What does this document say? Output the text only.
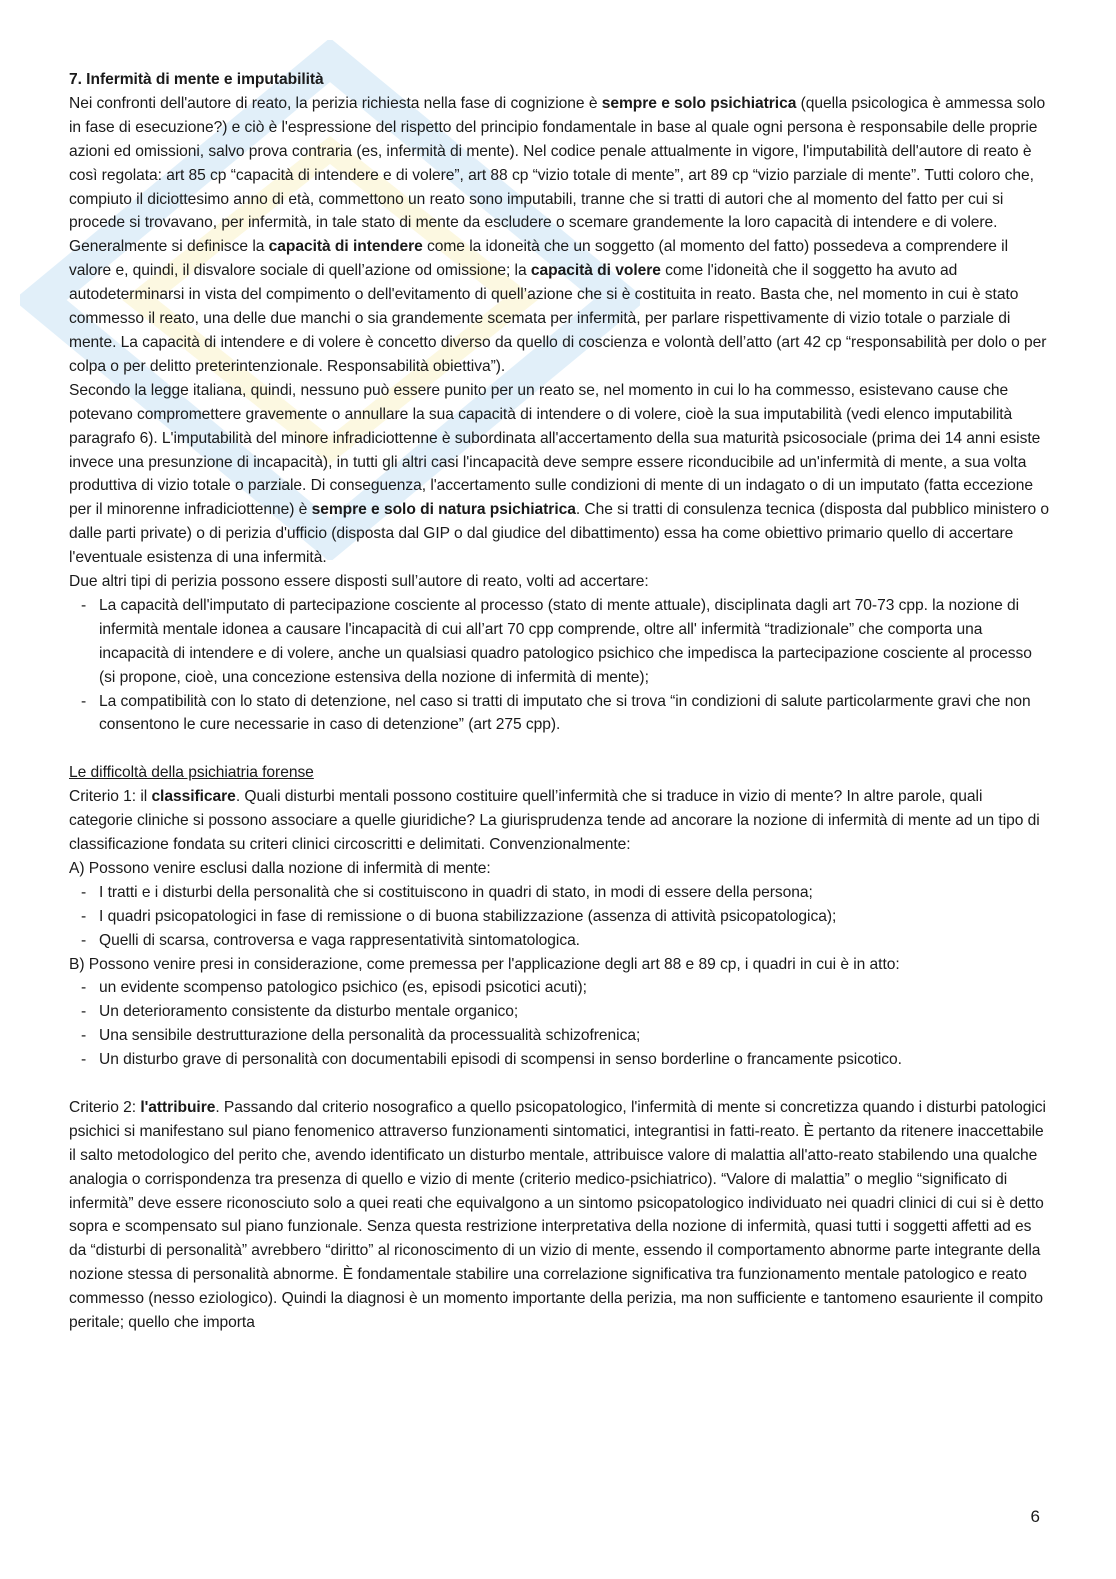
7. Infermità di mente e imputabilità

Nei confronti dell'autore di reato, la perizia richiesta nella fase di cognizione è sempre e solo psichiatrica (quella psicologica è ammessa solo in fase di esecuzione?) e ciò è l'espressione del rispetto del principio fondamentale in base al quale ogni persona è responsabile delle proprie azioni ed omissioni, salvo prova contraria (es, infermità di mente). Nel codice penale attualmente in vigore, l'imputabilità dell'autore di reato è così regolata: art 85 cp “capacità di intendere e di volere”, art 88 cp “vizio totale di mente”, art 89 cp “vizio parziale di mente”. Tutti coloro che, compiuto il diciottesimo anno di età, commettono un reato sono imputabili, tranne che si tratti di autori che al momento del fatto per cui si procede si trovavano, per infermità, in tale stato di mente da escludere o scemare grandemente la loro capacità di intendere e di volere. Generalmente si definisce la capacità di intendere come la idoneità che un soggetto (al momento del fatto) possedeva a comprendere il valore e, quindi, il disvalore sociale di quell’azione od omissione; la capacità di volere come l'idoneità che il soggetto ha avuto ad autodeterminarsi in vista del compimento o dell'evitamento di quell’azione che si è costituita in reato. Basta che, nel momento in cui è stato commesso il reato, una delle due manchi o sia grandemente scemata per infermità, per parlare rispettivamente di vizio totale o parziale di mente. La capacità di intendere e di volere è concetto diverso da quello di coscienza e volontà dell’atto (art 42 cp “responsabilità per dolo o per colpa o per delitto preterintenzionale. Responsabilità obiettiva”).

Secondo la legge italiana, quindi, nessuno può essere punito per un reato se, nel momento in cui lo ha commesso, esistevano cause che potevano compromettere gravemente o annullare la sua capacità di intendere o di volere, cioè la sua imputabilità (vedi elenco imputabilità paragrafo 6). L'imputabilità del minore infradiciottenne è subordinata all'accertamento della sua maturità psicosociale (prima dei 14 anni esiste invece una presunzione di incapacità), in tutti gli altri casi l'incapacità deve sempre essere riconducibile ad un'infermità di mente, a sua volta produttiva di vizio totale o parziale. Di conseguenza, l'accertamento sulle condizioni di mente di un indagato o di un imputato (fatta eccezione per il minorenne infradiciottenne) è sempre e solo di natura psichiatrica. Che si tratti di consulenza tecnica (disposta dal pubblico ministero o dalle parti private) o di perizia d'ufficio (disposta dal GIP o dal giudice del dibattimento) essa ha come obiettivo primario quello di accertare l'eventuale esistenza di una infermità.

Due altri tipi di perizia possono essere disposti sull’autore di reato, volti ad accertare:

- La capacità dell'imputato di partecipazione cosciente al processo (stato di mente attuale), disciplinata dagli art 70-73 cpp. la nozione di infermità mentale idonea a causare l'incapacità di cui all’art 70 cpp comprende, oltre all' infermità “tradizionale” che comporta una incapacità di intendere e di volere, anche un qualsiasi quadro patologico psichico che impedisca la partecipazione cosciente al processo (si propone, cioè, una concezione estensiva della nozione di infermità di mente);
- La compatibilità con lo stato di detenzione, nel caso si tratti di imputato che si trova “in condizioni di salute particolarmente gravi che non consentono le cure necessarie in caso di detenzione” (art 275 cpp).

Le difficoltà della psichiatria forense

Criterio 1: il classificare. Quali disturbi mentali possono costituire quell’infermità che si traduce in vizio di mente? In altre parole, quali categorie cliniche si possono associare a quelle giuridiche? La giurisprudenza tende ad ancorare la nozione di infermità di mente ad un tipo di classificazione fondata su criteri clinici circoscritti e delimitati. Convenzionalmente:

A) Possono venire esclusi dalla nozione di infermità di mente:

- I tratti e i disturbi della personalità che si costituiscono in quadri di stato, in modi di essere della persona;
- I quadri psicopatologici in fase di remissione o di buona stabilizzazione (assenza di attività psicopatologica);
- Quelli di scarsa, controversa e vaga rappresentatività sintomatologica.

B) Possono venire presi in considerazione, come premessa per l'applicazione degli art 88 e 89 cp, i quadri in cui è in atto:

- un evidente scompenso patologico psichico (es, episodi psicotici acuti);
- Un deterioramento consistente da disturbo mentale organico;
- Una sensibile destrutturazione della personalità da processualità schizofrenica;
- Un disturbo grave di personalità con documentabili episodi di scompensi in senso borderline o francamente psicotico.

Criterio 2: l'attribuire. Passando dal criterio nosografico a quello psicopatologico, l'infermità di mente si concretizza quando i disturbi patologici psichici si manifestano sul piano fenomenico attraverso funzionamenti sintomatici, integrantisi in fatti-reato. È pertanto da ritenere inaccettabile il salto metodologico del perito che, avendo identificato un disturbo mentale, attribuisce valore di malattia all'atto-reato stabilendo una qualche analogia o corrispondenza tra presenza di quello e vizio di mente (criterio medico-psichiatrico). “Valore di malattia” o meglio “significato di infermità” deve essere riconosciuto solo a quei reati che equivalgono a un sintomo psicopatologico individuato nei quadri clinici di cui si è detto sopra e scompensato sul piano funzionale. Senza questa restrizione interpretativa della nozione di infermità, quasi tutti i soggetti affetti ad es da “disturbi di personalità” avrebbero “diritto” al riconoscimento di un vizio di mente, essendo il comportamento abnorme parte integrante della nozione stessa di personalità abnorme. È fondamentale stabilire una correlazione significativa tra funzionamento mentale patologico e reato commesso (nesso eziologico). Quindi la diagnosi è un momento importante della perizia, ma non sufficiente e tantomeno esauriente il compito peritale; quello che importa

6
